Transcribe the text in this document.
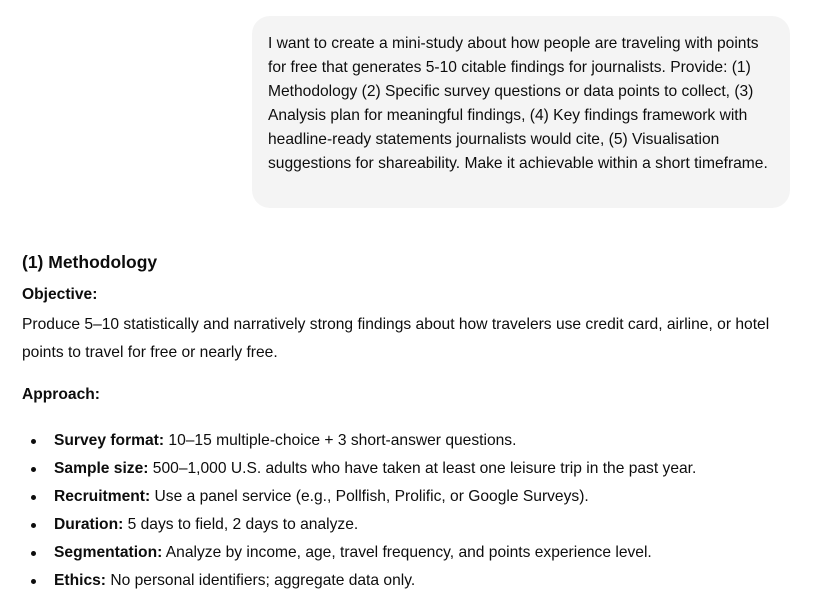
I want to create a mini-study about how people are traveling with points for free that generates 5-10 citable findings for journalists. Provide: (1) Methodology (2) Specific survey questions or data points to collect, (3) Analysis plan for meaningful findings, (4) Key findings framework with headline-ready statements journalists would cite, (5) Visualisation suggestions for shareability. Make it achievable within a short timeframe.
(1) Methodology
Objective:
Produce 5–10 statistically and narratively strong findings about how travelers use credit card, airline, or hotel points to travel for free or nearly free.
Approach:
Survey format: 10–15 multiple-choice + 3 short-answer questions.
Sample size: 500–1,000 U.S. adults who have taken at least one leisure trip in the past year.
Recruitment: Use a panel service (e.g., Pollfish, Prolific, or Google Surveys).
Duration: 5 days to field, 2 days to analyze.
Segmentation: Analyze by income, age, travel frequency, and points experience level.
Ethics: No personal identifiers; aggregate data only.
